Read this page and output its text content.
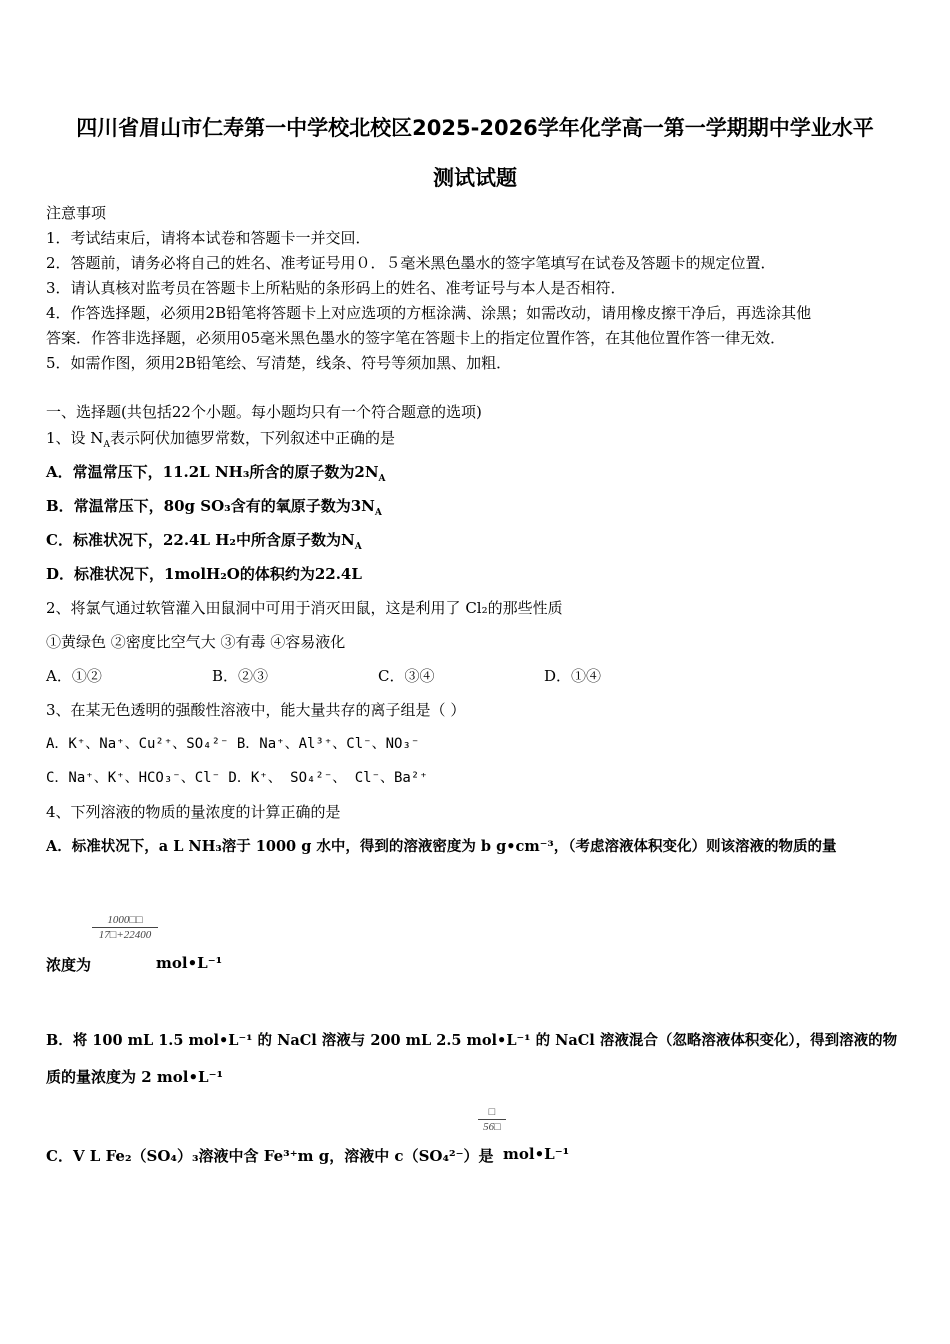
四川省眉山市仁寿第一中学校北校区2025-2026学年化学高一第一学期期中学业水平
测试试题
注意事项
1．考试结束后，请将本试卷和答题卡一并交回．
2．答题前，请务必将自己的姓名、准考证号用０．５毫米黑色墨水的签字笔填写在试卷及答题卡的规定位置．
3．请认真核对监考员在答题卡上所粘贴的条形码上的姓名、准考证号与本人是否相符．
4．作答选择题，必须用2B铅笔将答题卡上对应选项的方框涂满、涂黑；如需改动，请用橡皮擦干净后，再选涂其他
答案．作答非选择题，必须用05毫米黑色墨水的签字笔在答题卡上的指定位置作答，在其他位置作答一律无效．
5．如需作图，须用2B铅笔绘、写清楚，线条、符号等须加黑、加粗．
一、选择题(共包括22个小题。每小题均只有一个符合题意的选项)
1、设 $N_A$表示阿伏加德罗常数，下列叙述中正确的是
A．常温常压下，11.2L NH₃所含的原子数为$2N_A$
B．常温常压下，80g SO₃含有的氧原子数为$3N_A$
C．标准状况下，22.4L H₂中所含原子数为$N_A$
D．标准状况下，1molH₂O的体积约为22.4L
2、将氯气通过软管灌入田鼠洞中可用于消灭田鼠，这是利用了 Cl₂的那些性质
①黄绿色 ②密度比空气大 ③有毒 ④容易液化
A．①②	B．②③	C．③④	D．①④
3、在某无色透明的强酸性溶液中，能大量共存的离子组是（ ）
A．K⁺、Na⁺、Cu²⁺、SO₄²⁻ B．Na⁺、Al³⁺、Cl⁻、NO₃⁻
C．Na⁺、K⁺、HCO₃⁻、Cl⁻ D．K⁺、 SO₄²⁻、 Cl⁻、Ba²⁺
4、下列溶液的物质的量浓度的计算正确的是
A．标准状况下，a L NH₃溶于 1000 g 水中，得到的溶液密度为 b g•cm⁻³，（考虑溶液体积变化）则该溶液的物质的量
1000□□
17□+22400
浓度为	mol•L⁻¹
B．将 100 mL 1.5 mol•L⁻¹ 的 NaCl 溶液与 200 mL 2.5 mol•L⁻¹ 的 NaCl 溶液混合（忽略溶液体积变化），得到溶液的物
质的量浓度为 2 mol•L⁻¹
□
56□
C．V L Fe₂（SO₄）₃溶液中含 Fe³⁺m g，溶液中 c（SO₄²⁻）是 mol•L⁻¹
